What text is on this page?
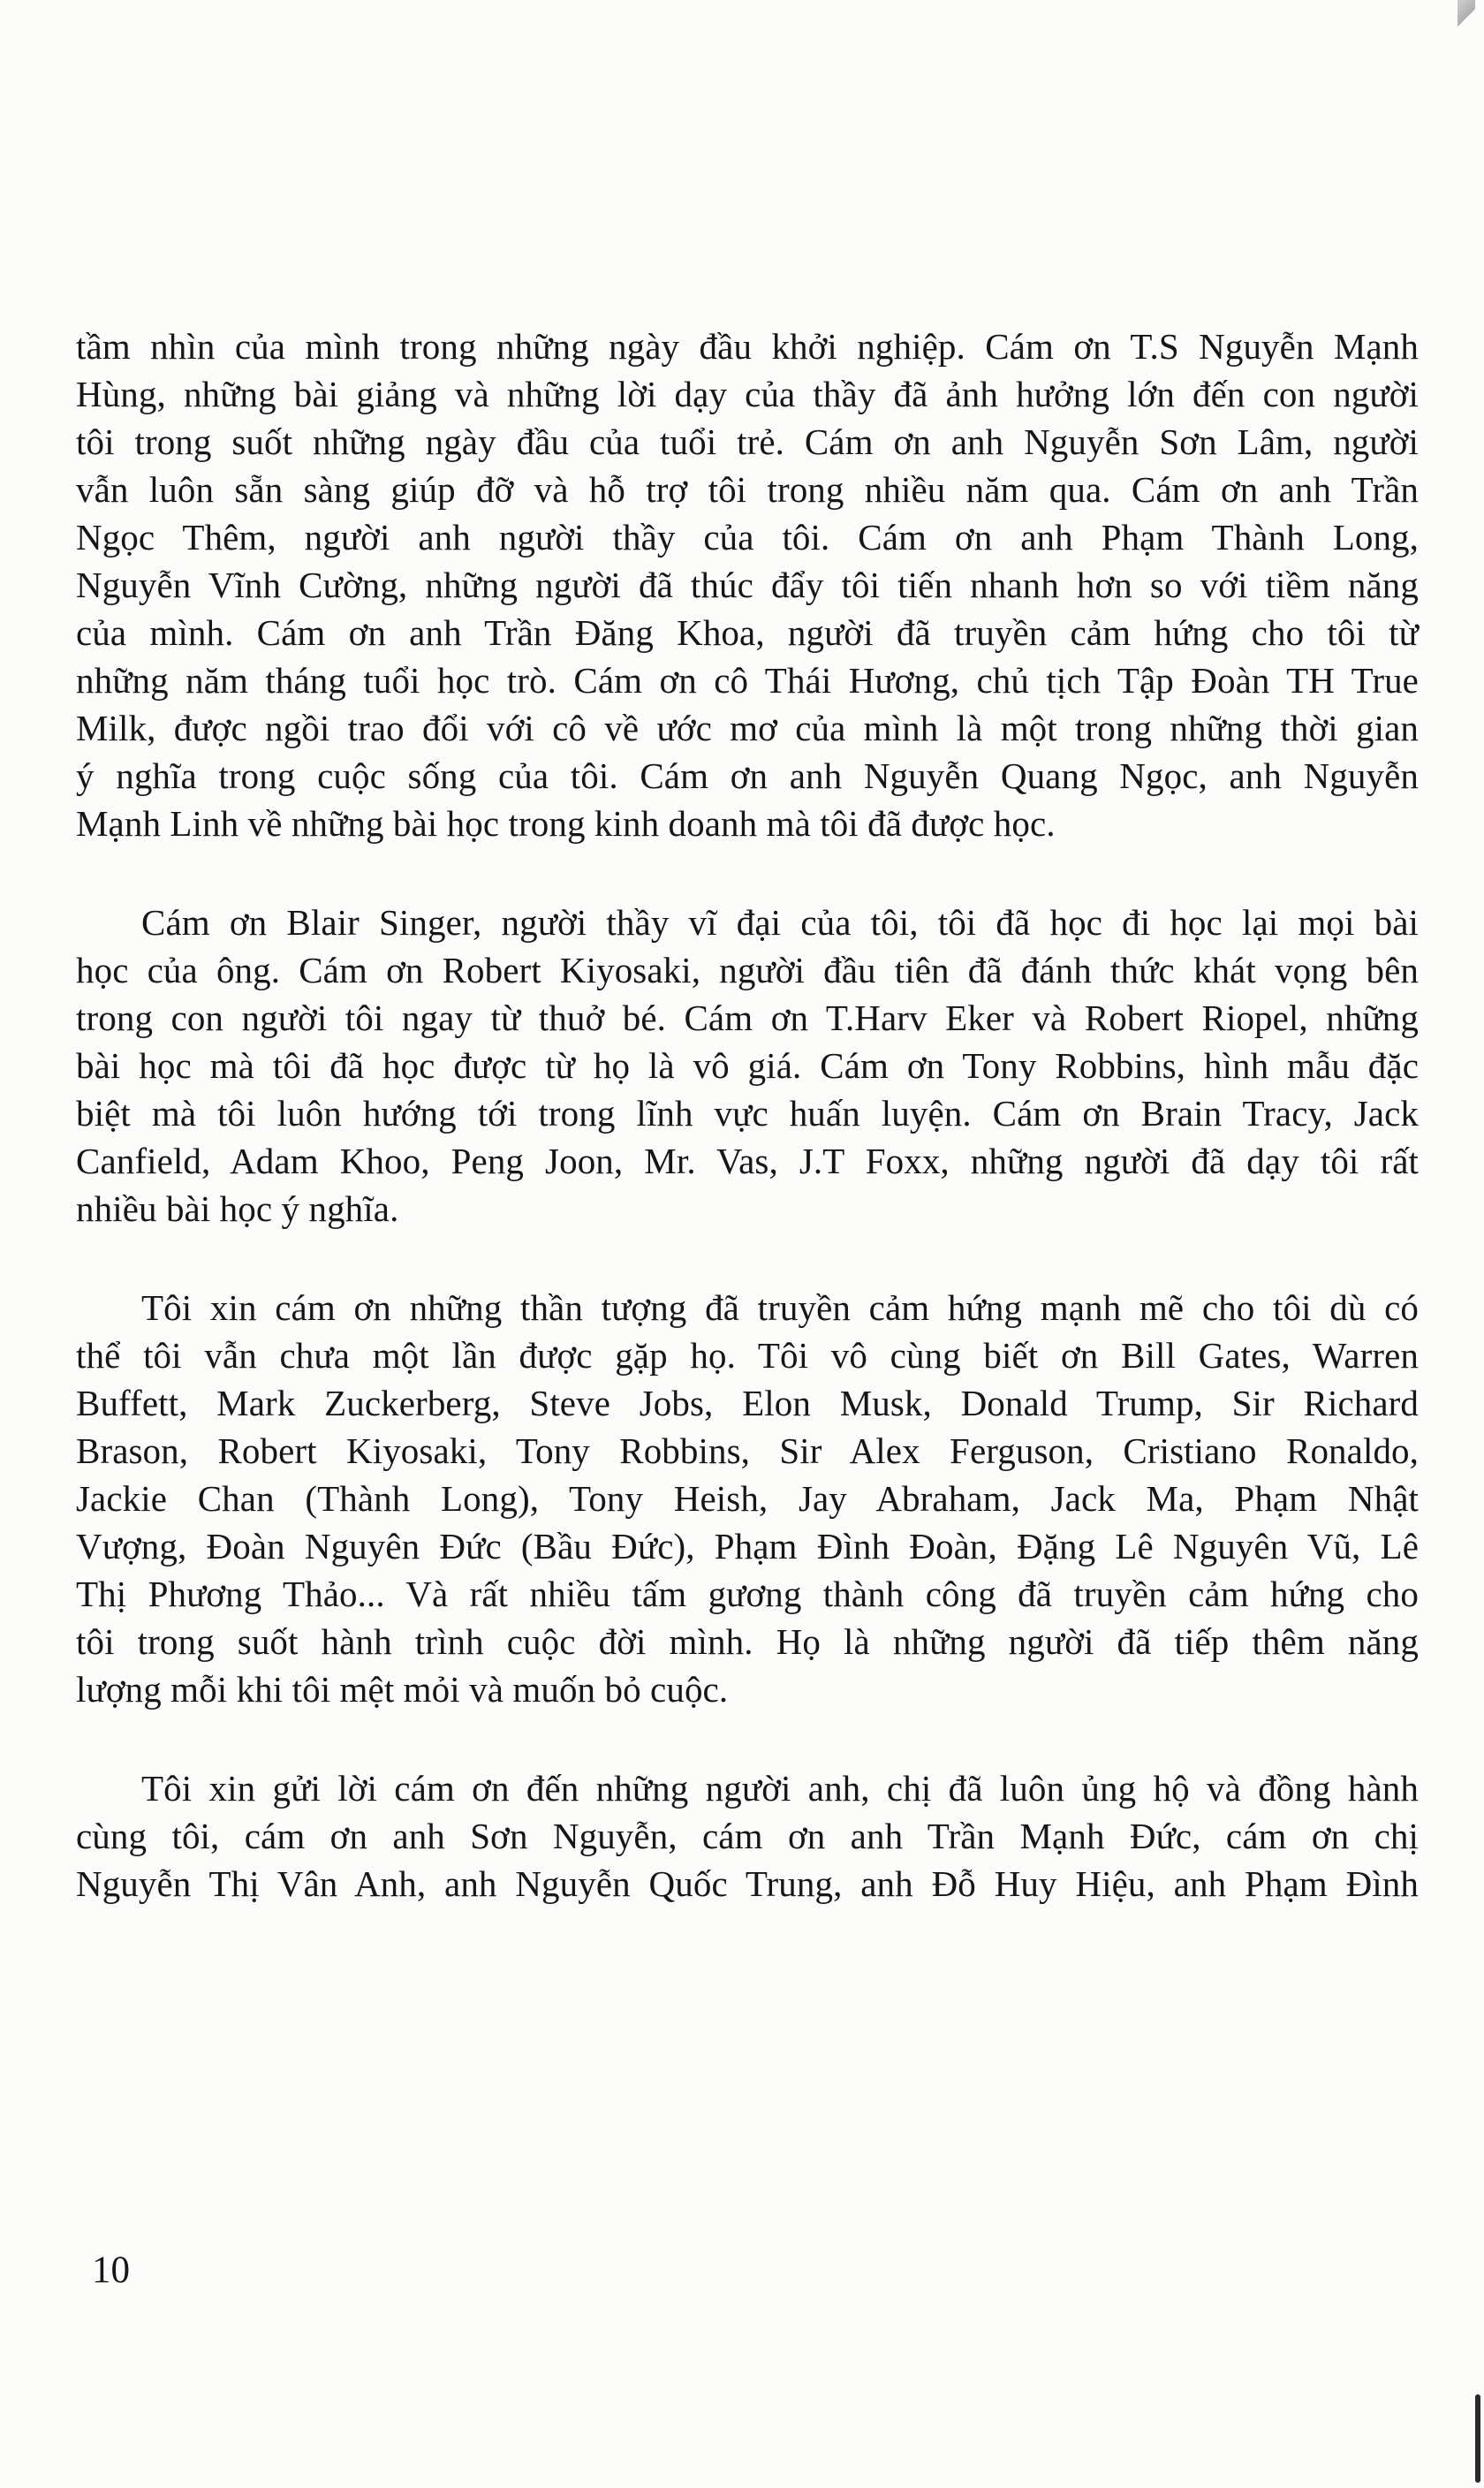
tầm nhìn của mình trong những ngày đầu khởi nghiệp. Cám ơn T.S Nguyễn Mạnh
Hùng, những bài giảng và những lời dạy của thầy đã ảnh hưởng lớn đến con người
tôi trong suốt những ngày đầu của tuổi trẻ. Cám ơn anh Nguyễn Sơn Lâm, người
vẫn luôn sẵn sàng giúp đỡ và hỗ trợ tôi trong nhiều năm qua. Cám ơn anh Trần
Ngọc Thêm, người anh người thầy của tôi. Cám ơn anh Phạm Thành Long,
Nguyễn Vĩnh Cường, những người đã thúc đẩy tôi tiến nhanh hơn so với tiềm năng
của mình. Cám ơn anh Trần Đăng Khoa, người đã truyền cảm hứng cho tôi từ
những năm tháng tuổi học trò. Cám ơn cô Thái Hương, chủ tịch Tập Đoàn TH True
Milk, được ngồi trao đổi với cô về ước mơ của mình là một trong những thời gian
ý nghĩa trong cuộc sống của tôi. Cám ơn anh Nguyễn Quang Ngọc, anh Nguyễn
Mạnh Linh về những bài học trong kinh doanh mà tôi đã được học.
Cám ơn Blair Singer, người thầy vĩ đại của tôi, tôi đã học đi học lại mọi bài
học của ông. Cám ơn Robert Kiyosaki, người đầu tiên đã đánh thức khát vọng bên
trong con người tôi ngay từ thuở bé. Cám ơn T.Harv Eker và Robert Riopel, những
bài học mà tôi đã học được từ họ là vô giá. Cám ơn Tony Robbins, hình mẫu đặc
biệt mà tôi luôn hướng tới trong lĩnh vực huấn luyện. Cám ơn Brain Tracy, Jack
Canfield, Adam Khoo, Peng Joon, Mr. Vas, J.T Foxx, những người đã dạy tôi rất
nhiều bài học ý nghĩa.
Tôi xin cám ơn những thần tượng đã truyền cảm hứng mạnh mẽ cho tôi dù có
thể tôi vẫn chưa một lần được gặp họ. Tôi vô cùng biết ơn Bill Gates, Warren
Buffett, Mark Zuckerberg, Steve Jobs, Elon Musk, Donald Trump, Sir Richard
Brason, Robert Kiyosaki, Tony Robbins, Sir Alex Ferguson, Cristiano Ronaldo,
Jackie Chan (Thành Long), Tony Heish, Jay Abraham, Jack Ma, Phạm Nhật
Vượng, Đoàn Nguyên Đức (Bầu Đức), Phạm Đình Đoàn, Đặng Lê Nguyên Vũ, Lê
Thị Phương Thảo... Và rất nhiều tấm gương thành công đã truyền cảm hứng cho
tôi trong suốt hành trình cuộc đời mình. Họ là những người đã tiếp thêm năng
lượng mỗi khi tôi mệt mỏi và muốn bỏ cuộc.
Tôi xin gửi lời cám ơn đến những người anh, chị đã luôn ủng hộ và đồng hành
cùng tôi, cám ơn anh Sơn Nguyễn, cám ơn anh Trần Mạnh Đức, cám ơn chị
Nguyễn Thị Vân Anh, anh Nguyễn Quốc Trung, anh Đỗ Huy Hiệu, anh Phạm Đình
10
